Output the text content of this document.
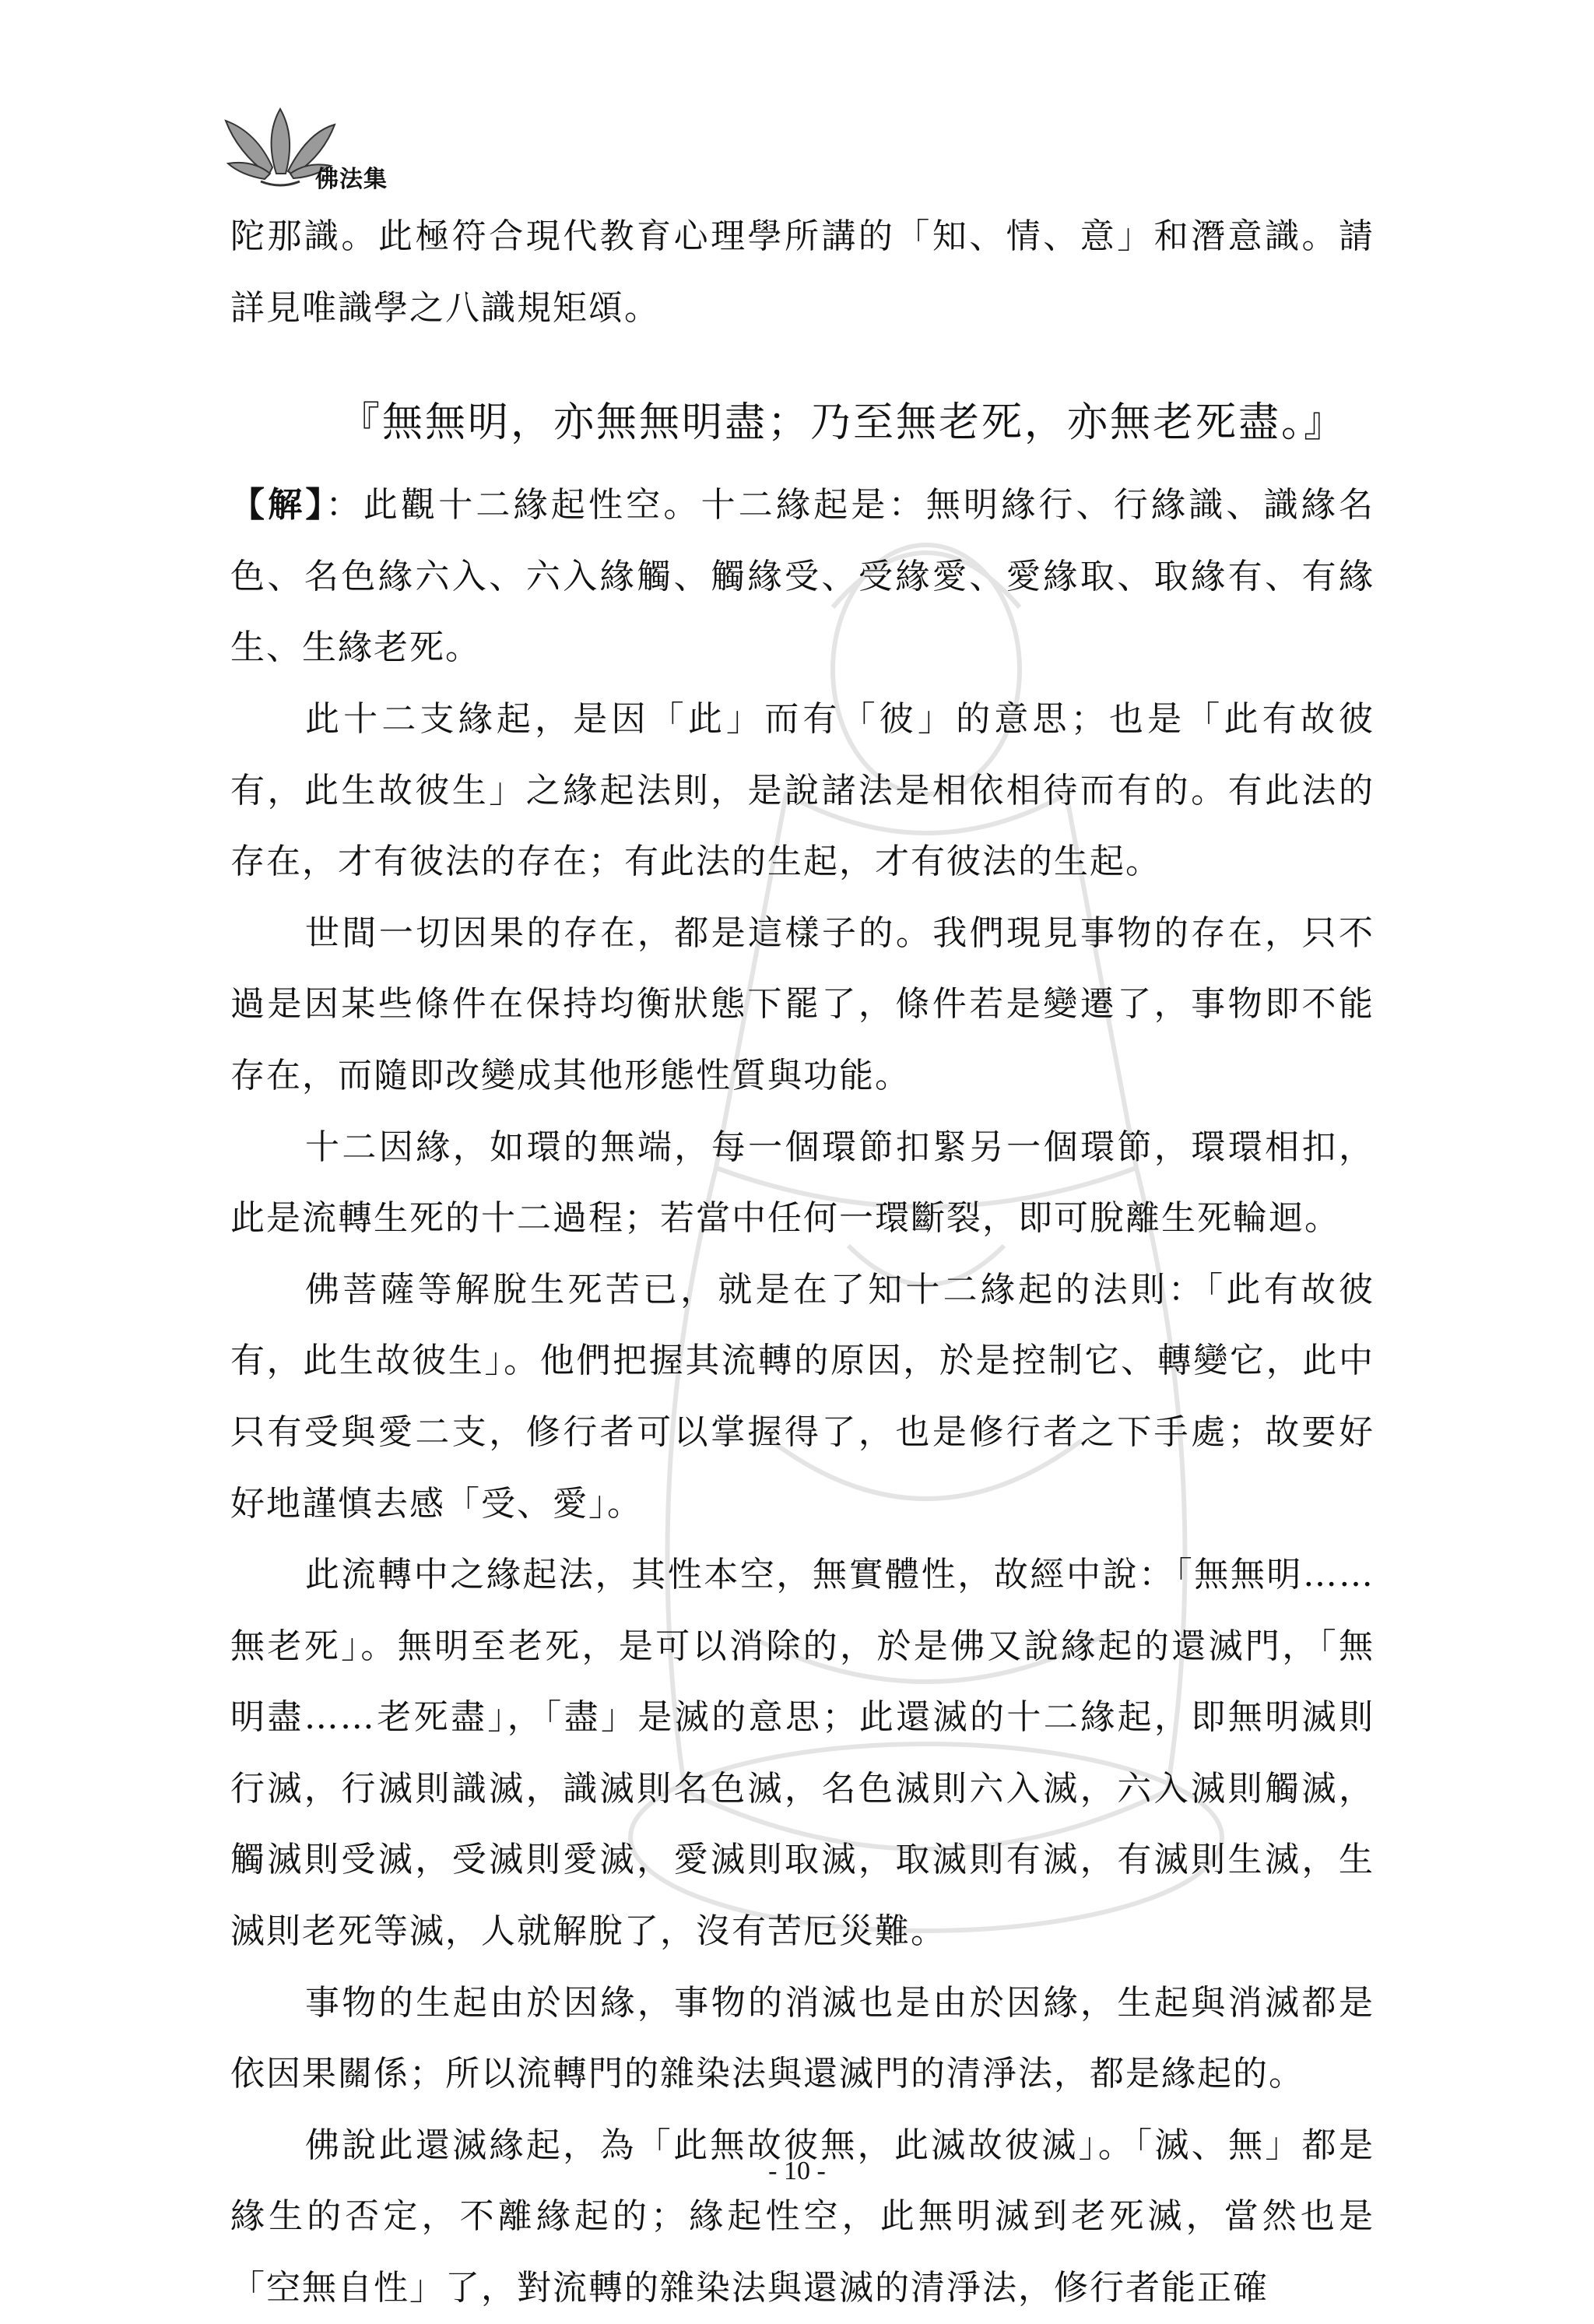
佛法集

陀那識。此極符合現代教育心理學所講的「知、情、意」和潛意識。請詳見唯識學之八識規矩頌。

『無無明，亦無無明盡；乃至無老死，亦無老死盡。』

【解】：此觀十二緣起性空。十二緣起是：無明緣行、行緣識、識緣名色、名色緣六入、六入緣觸、觸緣受、受緣愛、愛緣取、取緣有、有緣生、生緣老死。

此十二支緣起，是因「此」而有「彼」的意思；也是「此有故彼有，此生故彼生」之緣起法則，是說諸法是相依相待而有的。有此法的存在，才有彼法的存在；有此法的生起，才有彼法的生起。

世間一切因果的存在，都是這樣子的。我們現見事物的存在，只不過是因某些條件在保持均衡狀態下罷了，條件若是變遷了，事物即不能存在，而隨即改變成其他形態性質與功能。

十二因緣，如環的無端，每一個環節扣緊另一個環節，環環相扣，此是流轉生死的十二過程；若當中任何一環斷裂，即可脫離生死輪迴。

佛菩薩等解脫生死苦已，就是在了知十二緣起的法則：「此有故彼有，此生故彼生」。他們把握其流轉的原因，於是控制它、轉變它，此中只有受與愛二支，修行者可以掌握得了，也是修行者之下手處；故要好好地謹慎去感「受、愛」。

此流轉中之緣起法，其性本空，無實體性，故經中說：「無無明……無老死」。無明至老死，是可以消除的，於是佛又說緣起的還滅門，「無明盡……老死盡」，「盡」是滅的意思；此還滅的十二緣起，即無明滅則行滅，行滅則識滅，識滅則名色滅，名色滅則六入滅，六入滅則觸滅，觸滅則受滅，受滅則愛滅，愛滅則取滅，取滅則有滅，有滅則生滅，生滅則老死等滅，人就解脫了，沒有苦厄災難。

事物的生起由於因緣，事物的消滅也是由於因緣，生起與消滅都是依因果關係；所以流轉門的雜染法與還滅門的清淨法，都是緣起的。

佛說此還滅緣起，為「此無故彼無，此滅故彼滅」。「滅、無」都是緣生的否定，不離緣起的；緣起性空，此無明滅到老死滅，當然也是「空無自性」了，對流轉的雜染法與還滅的清淨法，修行者能正確

- 10 -
